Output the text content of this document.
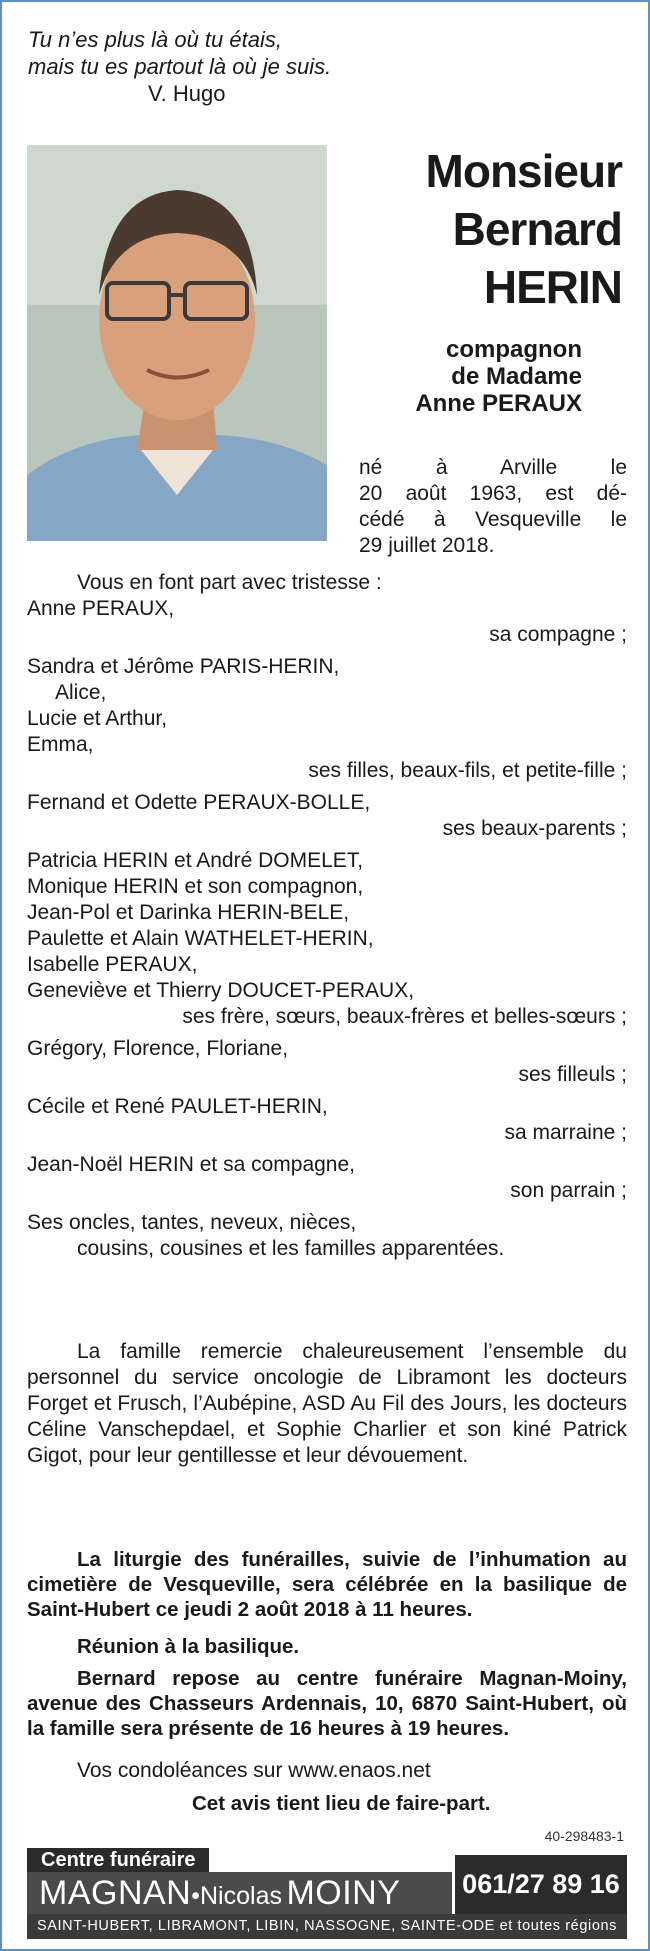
Tu n’es plus là où tu étais,
mais tu es partout là où je suis.
V. Hugo
Monsieur
Bernard
HERIN
compagnon
de Madame
Anne PERAUX
né à Arville le
20 août 1963, est dé-
cédé à Vesqueville le
29 juillet 2018.
Vous en font part avec tristesse :
Anne PERAUX,
sa compagne ;
Sandra et Jérôme PARIS-HERIN,
Alice,
Lucie et Arthur,
Emma,
ses filles, beaux-fils, et petite-fille ;
Fernand et Odette PERAUX-BOLLE,
ses beaux-parents ;
Patricia HERIN et André DOMELET,
Monique HERIN et son compagnon,
Jean-Pol et Darinka HERIN-BELE,
Paulette et Alain WATHELET-HERIN,
Isabelle PERAUX,
Geneviève et Thierry DOUCET-PERAUX,
ses frère, sœurs, beaux-frères et belles-sœurs ;
Grégory, Florence, Floriane,
ses filleuls ;
Cécile et René PAULET-HERIN,
sa marraine ;
Jean-Noël HERIN et sa compagne,
son parrain ;
Ses oncles, tantes, neveux, nièces,
cousins, cousines et les familles apparentées.
La famille remercie chaleureusement l’ensemble du personnel du service oncologie de Libramont les docteurs Forget et Frusch, l’Aubépine, ASD Au Fil des Jours, les docteurs Céline Vanschepdael, et Sophie Charlier et son kiné Patrick Gigot, pour leur gentillesse et leur dévouement.
La liturgie des funérailles, suivie de l’inhumation au cimetière de Vesqueville, sera célébrée en la basilique de Saint-Hubert ce jeudi 2 août 2018 à 11 heures.
Réunion à la basilique.
Bernard repose au centre funéraire Magnan-Moiny, avenue des Chasseurs Ardennais, 10, 6870 Saint-Hubert, où la famille sera présente de 16 heures à 19 heures.
Vos condoléances sur www.enaos.net
Cet avis tient lieu de faire-part.
40-298483-1
Centre funéraire
MAGNAN•Nicolas MOINY	061/27 89 16
SAINT-HUBERT, LIBRAMONT, LIBIN, NASSOGNE, SAINTE-ODE et toutes régions
